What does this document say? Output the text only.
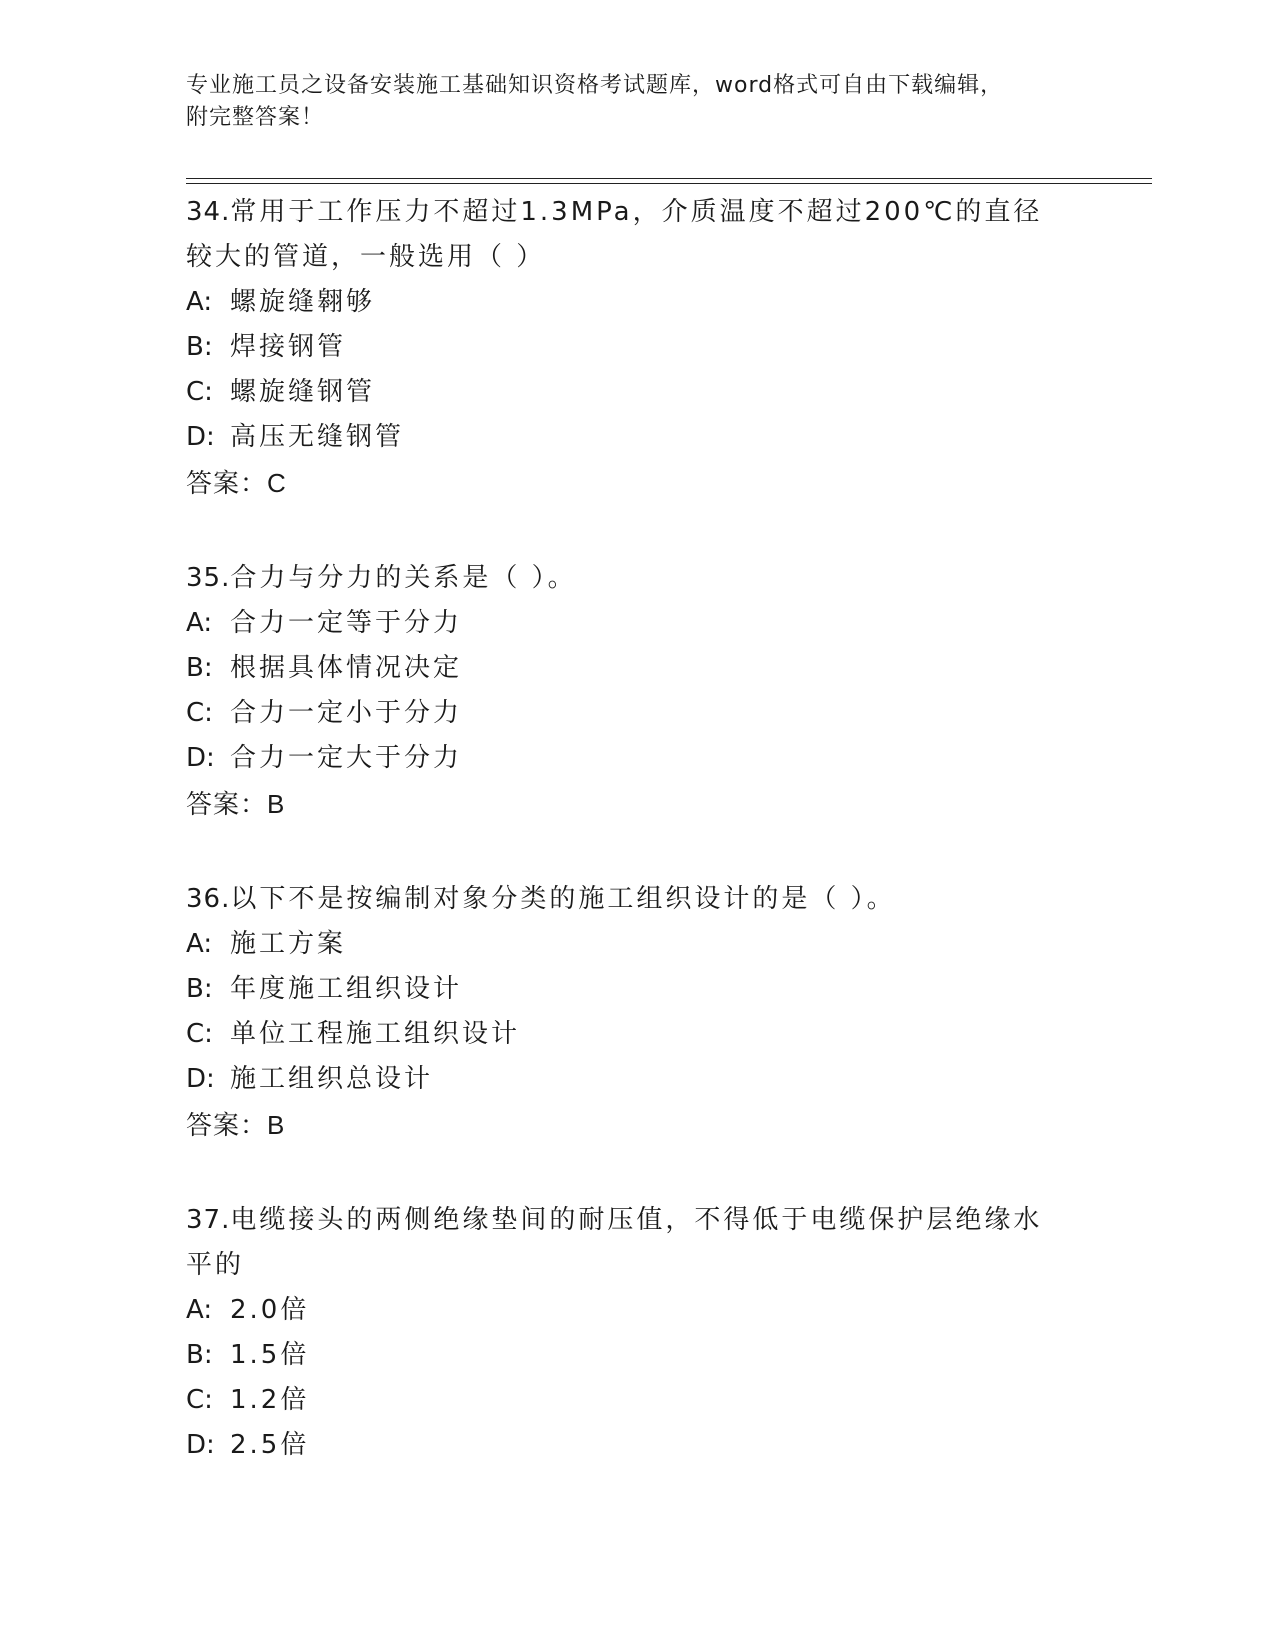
专业施工员之设备安装施工基础知识资格考试题库，word格式可自由下载编辑，
附完整答案！

34.常用于工作压力不超过1.3MPa，介质温度不超过200℃的直径较大的管道，一般选用（ ）

A: 螺旋缝翱够
B: 焊接钢管
C: 螺旋缝钢管
D: 高压无缝钢管
答案：C

35.合力与分力的关系是（ ）。

A: 合力一定等于分力
B: 根据具体情况决定
C: 合力一定小于分力
D: 合力一定大于分力
答案：B

36.以下不是按编制对象分类的施工组织设计的是（ ）。

A: 施工方案
B: 年度施工组织设计
C: 单位工程施工组织设计
D: 施工组织总设计
答案：B

37.电缆接头的两侧绝缘垫间的耐压值，不得低于电缆保护层绝缘水平的

A: 2.0倍
B: 1.5倍
C: 1.2倍
D: 2.5倍
